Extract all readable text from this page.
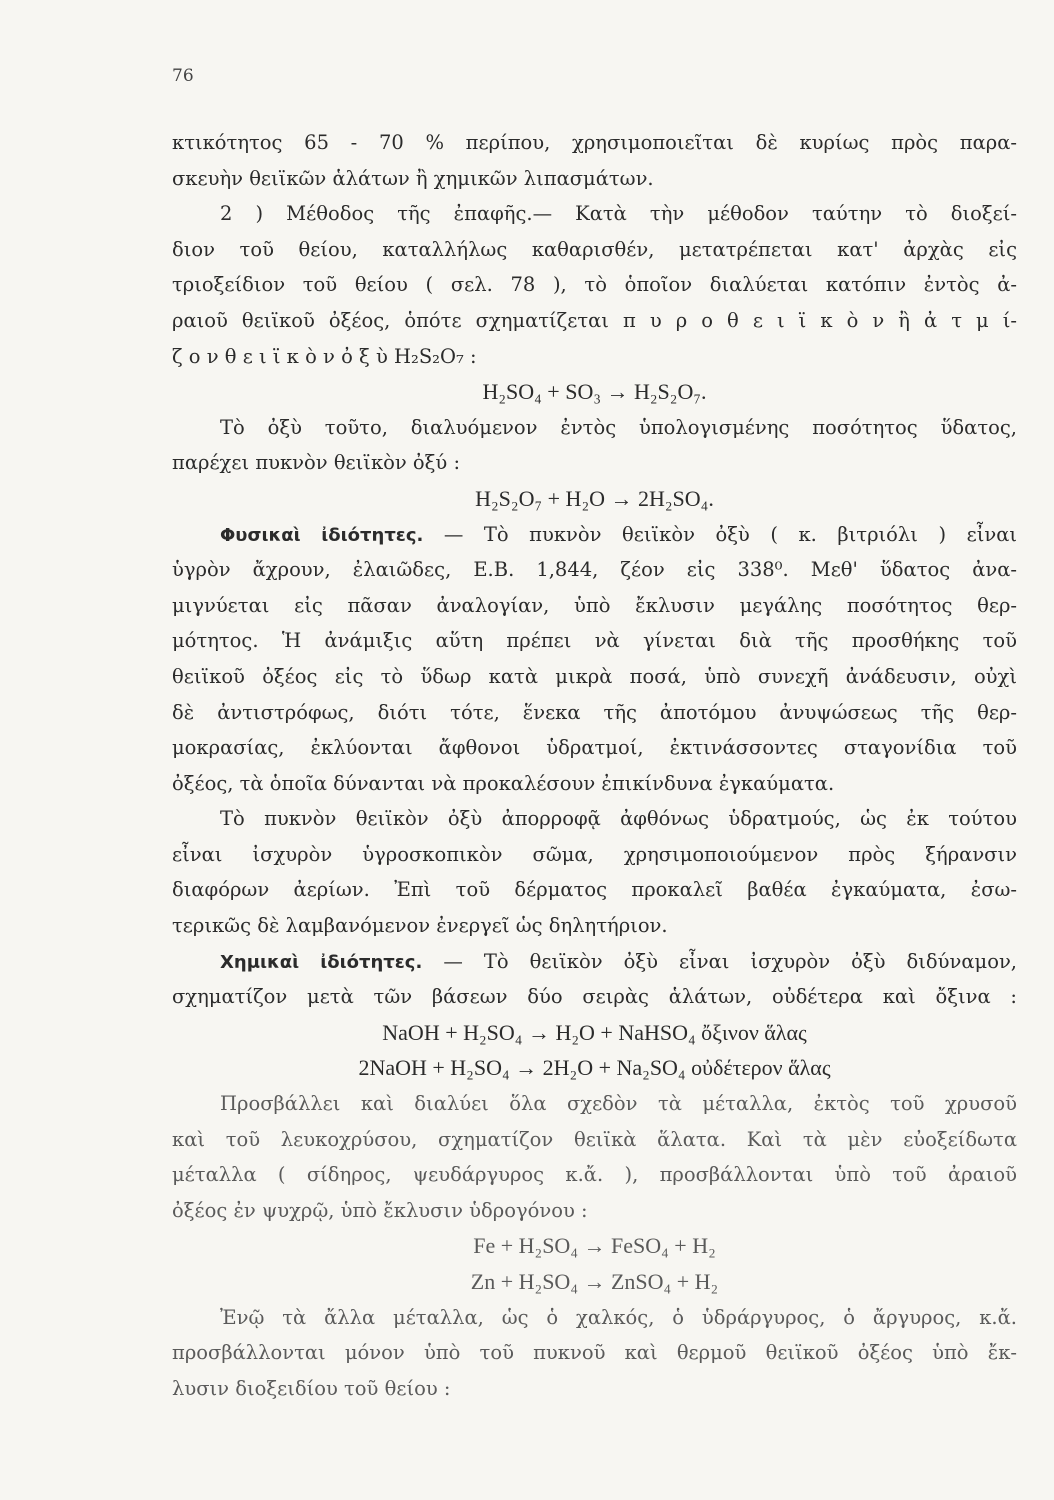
76
κτικότητος 65 - 70 % περίπου, χρησιμοποιεῖται δὲ κυρίως πρὸς παρα-
σκευὴν θειϊκῶν ἁλάτων ἢ χημικῶν λιπασμάτων.
2 ) Μέθοδος τῆς ἐπαφῆς.— Κατὰ τὴν μέθοδον ταύτην τὸ διοξεί-
διον τοῦ θείου, καταλλήλως καθαρισθέν, μετατρέπεται κατ' ἀρχὰς εἰς
τριοξείδιον τοῦ θείου ( σελ. 78 ), τὸ ὁποῖον διαλύεται κατόπιν ἐντὸς ἀ-
ραιοῦ θειϊκοῦ ὀξέος, ὁπότε σχηματίζεται π υ ρ ο θ ε ι ϊ κ ὸ ν ἢ ἀ τ μ ί-
ζ ο ν θ ε ι ϊ κ ὸ ν ὀ ξ ὺ H₂S₂O₇ :
H₂SO₄ + SO₃ → H₂S₂O₇.
Τὸ ὀξὺ τοῦτο, διαλυόμενον ἐντὸς ὑπολογισμένης ποσότητος ὕδατος,
παρέχει πυκνὸν θειϊκὸν ὀξύ :
H₂S₂O₇ + H₂O → 2H₂SO₄.
Φυσικαὶ ἰδιότητες. — Τὸ πυκνὸν θειϊκὸν ὀξὺ ( κ. βιτριόλι ) εἶναι
ὑγρὸν ἄχρουν, ἐλαιῶδες, Ε.Β. 1,844, ζέον εἰς 338⁰. Μεθ' ὕδατος ἀνα-
μιγνύεται εἰς πᾶσαν ἀναλογίαν, ὑπὸ ἔκλυσιν μεγάλης ποσότητος θερ-
μότητος. Ἡ ἀνάμιξις αὕτη πρέπει νὰ γίνεται διὰ τῆς προσθήκης τοῦ
θειϊκοῦ ὀξέος εἰς τὸ ὕδωρ κατὰ μικρὰ ποσά, ὑπὸ συνεχῆ ἀνάδευσιν, οὐχὶ
δὲ ἀντιστρόφως, διότι τότε, ἕνεκα τῆς ἀποτόμου ἀνυψώσεως τῆς θερ-
μοκρασίας, ἐκλύονται ἄφθονοι ὑδρατμοί, ἐκτινάσσοντες σταγονίδια τοῦ
ὀξέος, τὰ ὁποῖα δύνανται νὰ προκαλέσουν ἐπικίνδυνα ἐγκαύματα.
Τὸ πυκνὸν θειϊκὸν ὀξὺ ἀπορροφᾷ ἀφθόνως ὑδρατμούς, ὡς ἐκ τούτου
εἶναι ἰσχυρὸν ὑγροσκοπικὸν σῶμα, χρησιμοποιούμενον πρὸς ξήρανσιν
διαφόρων ἀερίων. Ἐπὶ τοῦ δέρματος προκαλεῖ βαθέα ἐγκαύματα, ἐσω-
τερικῶς δὲ λαμβανόμενον ἐνεργεῖ ὡς δηλητήριον.
Χημικαὶ ἰδιότητες. — Τὸ θειϊκὸν ὀξὺ εἶναι ἰσχυρὸν ὀξὺ διδύναμον,
σχηματίζον μετὰ τῶν βάσεων δύο σειρὰς ἁλάτων, οὐδέτερα καὶ ὄξινα :
NaOH + H₂SO₄ → H₂O + NaHSO₄ ὄξινον ἅλας
2NaOH + H₂SO₄ → 2H₂O + Na₂SO₄ οὐδέτερον ἅλας
Προσβάλλει καὶ διαλύει ὅλα σχεδὸν τὰ μέταλλα, ἐκτὸς τοῦ χρυσοῦ
καὶ τοῦ λευκοχρύσου, σχηματίζον θειϊκὰ ἅλατα. Καὶ τὰ μὲν εὐοξείδωτα
μέταλλα ( σίδηρος, ψευδάργυρος κ.ἄ. ), προσβάλλονται ὑπὸ τοῦ ἀραιοῦ
ὀξέος ἐν ψυχρῷ, ὑπὸ ἔκλυσιν ὑδρογόνου :
Fe + H₂SO₄ → FeSO₄ + H₂
Zn + H₂SO₄ → ZnSO₄ + H₂
Ἐνῷ τὰ ἄλλα μέταλλα, ὡς ὁ χαλκός, ὁ ὑδράργυρος, ὁ ἄργυρος, κ.ἄ.
προσβάλλονται μόνον ὑπὸ τοῦ πυκνοῦ καὶ θερμοῦ θειϊκοῦ ὀξέος ὑπὸ ἔκ-
λυσιν διοξειδίου τοῦ θείου :
